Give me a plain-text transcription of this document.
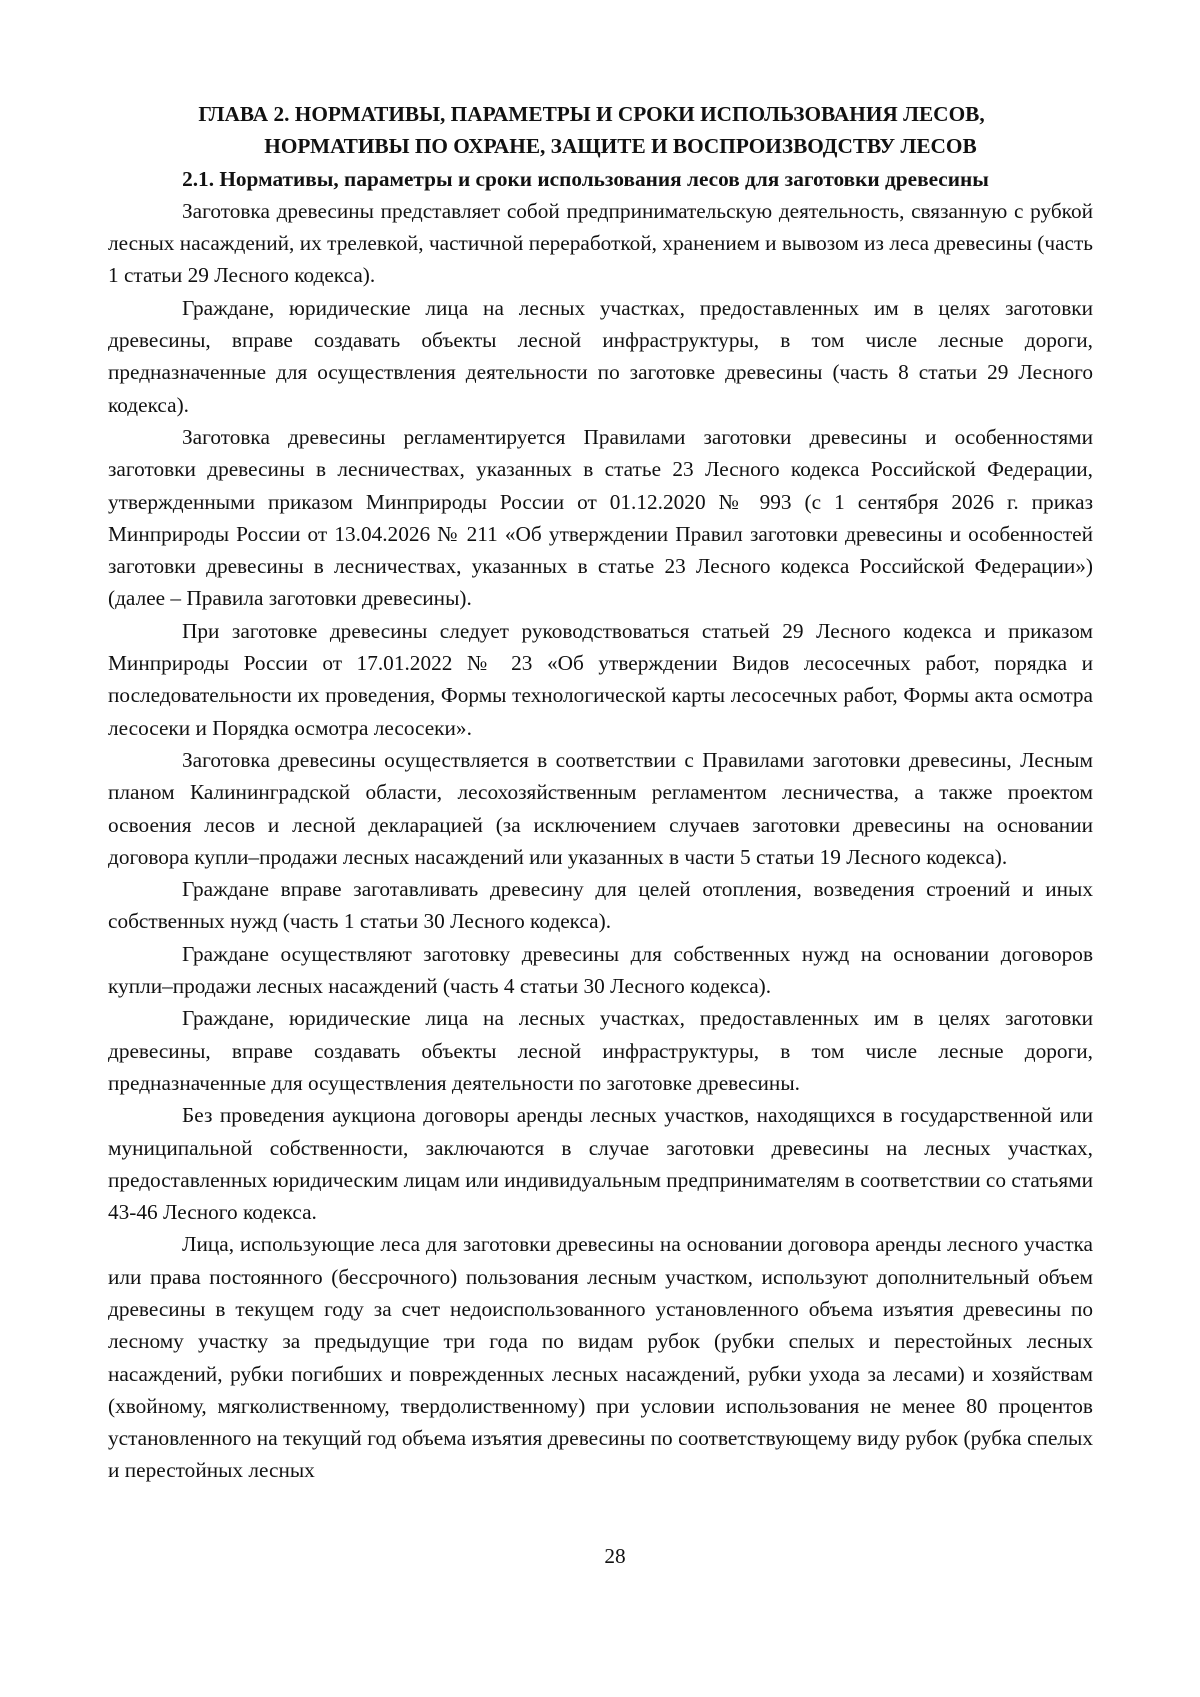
ГЛАВА 2. НОРМАТИВЫ, ПАРАМЕТРЫ И СРОКИ ИСПОЛЬЗОВАНИЯ ЛЕСОВ,
НОРМАТИВЫ ПО ОХРАНЕ, ЗАЩИТЕ И ВОСПРОИЗВОДСТВУ ЛЕСОВ
2.1. Нормативы, параметры и сроки использования лесов для заготовки древесины

Заготовка древесины представляет собой предпринимательскую деятельность, связанную с рубкой лесных насаждений, их трелевкой, частичной переработкой, хранением и вывозом из леса древесины (часть 1 статьи 29 Лесного кодекса).

Граждане, юридические лица на лесных участках, предоставленных им в целях заготовки древесины, вправе создавать объекты лесной инфраструктуры, в том числе лесные дороги, предназначенные для осуществления деятельности по заготовке древесины (часть 8 статьи 29 Лесного кодекса).

Заготовка древесины регламентируется Правилами заготовки древесины и особенностями заготовки древесины в лесничествах, указанных в статье 23 Лесного кодекса Российской Федерации, утвержденными приказом Минприроды России от 01.12.2020 № 993 (с 1 сентября 2026 г. приказ Минприроды России от 13.04.2026 № 211 «Об утверждении Правил заготовки древесины и особенностей заготовки древесины в лесничествах, указанных в статье 23 Лесного кодекса Российской Федерации») (далее – Правила заготовки древесины).

При заготовке древесины следует руководствоваться статьей 29 Лесного кодекса и приказом Минприроды России от 17.01.2022 № 23 «Об утверждении Видов лесосечных работ, порядка и последовательности их проведения, Формы технологической карты лесосечных работ, Формы акта осмотра лесосеки и Порядка осмотра лесосеки».

Заготовка древесины осуществляется в соответствии с Правилами заготовки древесины, Лесным планом Калининградской области, лесохозяйственным регламентом лесничества, а также проектом освоения лесов и лесной декларацией (за исключением случаев заготовки древесины на основании договора купли–продажи лесных насаждений или указанных в части 5 статьи 19 Лесного кодекса).

Граждане вправе заготавливать древесину для целей отопления, возведения строений и иных собственных нужд (часть 1 статьи 30 Лесного кодекса).

Граждане осуществляют заготовку древесины для собственных нужд на основании договоров купли–продажи лесных насаждений (часть 4 статьи 30 Лесного кодекса).

Граждане, юридические лица на лесных участках, предоставленных им в целях заготовки древесины, вправе создавать объекты лесной инфраструктуры, в том числе лесные дороги, предназначенные для осуществления деятельности по заготовке древесины.

Без проведения аукциона договоры аренды лесных участков, находящихся в государственной или муниципальной собственности, заключаются в случае заготовки древесины на лесных участках, предоставленных юридическим лицам или индивидуальным предпринимателям в соответствии со статьями 43-46 Лесного кодекса.

Лица, использующие леса для заготовки древесины на основании договора аренды лесного участка или права постоянного (бессрочного) пользования лесным участком, используют дополнительный объем древесины в текущем году за счет недоиспользованного установленного объема изъятия древесины по лесному участку за предыдущие три года по видам рубок (рубки спелых и перестойных лесных насаждений, рубки погибших и поврежденных лесных насаждений, рубки ухода за лесами) и хозяйствам (хвойному, мягколиственному, твердолиственному) при условии использования не менее 80 процентов установленного на текущий год объема изъятия древесины по соответствующему виду рубок (рубка спелых и перестойных лесных

28
